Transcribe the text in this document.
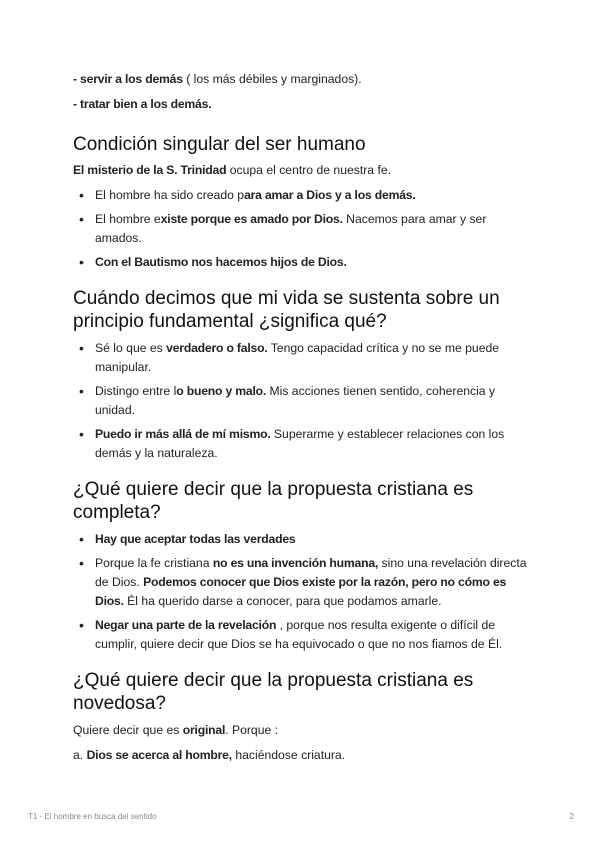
- servir a los demás ( los más débiles y marginados).

- tratar bien a los demás.

Condición singular del ser humano

El misterio de la S. Trinidad ocupa el centro de nuestra fe.

• El hombre ha sido creado para amar a Dios y a los demás.
• El hombre existe porque es amado por Dios. Nacemos para amar y ser amados.
• Con el Bautismo nos hacemos hijos de Dios.
Cuándo decimos que mi vida se sustenta sobre un principio fundamental ¿significa qué?
• Sé lo que es verdadero o falso. Tengo capacidad crítica y no se me puede manipular.
• Distingo entre lo bueno y malo. Mis acciones tienen sentido, coherencia y unidad.
• Puedo ir más allá de mí mismo. Superarme y establecer relaciones con los demás y la naturaleza.
¿Qué quiere decir que la propuesta cristiana es completa?
• Hay que aceptar todas las verdades
• Porque la fe cristiana no es una invención humana, sino una revelación directa de Dios. Podemos conocer que Dios existe por la razón, pero no cómo es Dios. Él ha querido darse a conocer, para que podamos amarle.
• Negar una parte de la revelación , porque nos resulta exigente o difícil de cumplir, quiere decir que Dios se ha equivocado o que no nos fiamos de Él.
¿Qué quiere decir que la propuesta cristiana es novedosa?

Quiere decir que es original. Porque :

a. Dios se acerca al hombre, haciéndose criatura.

T1 - El hombre en busca del sentido	2
